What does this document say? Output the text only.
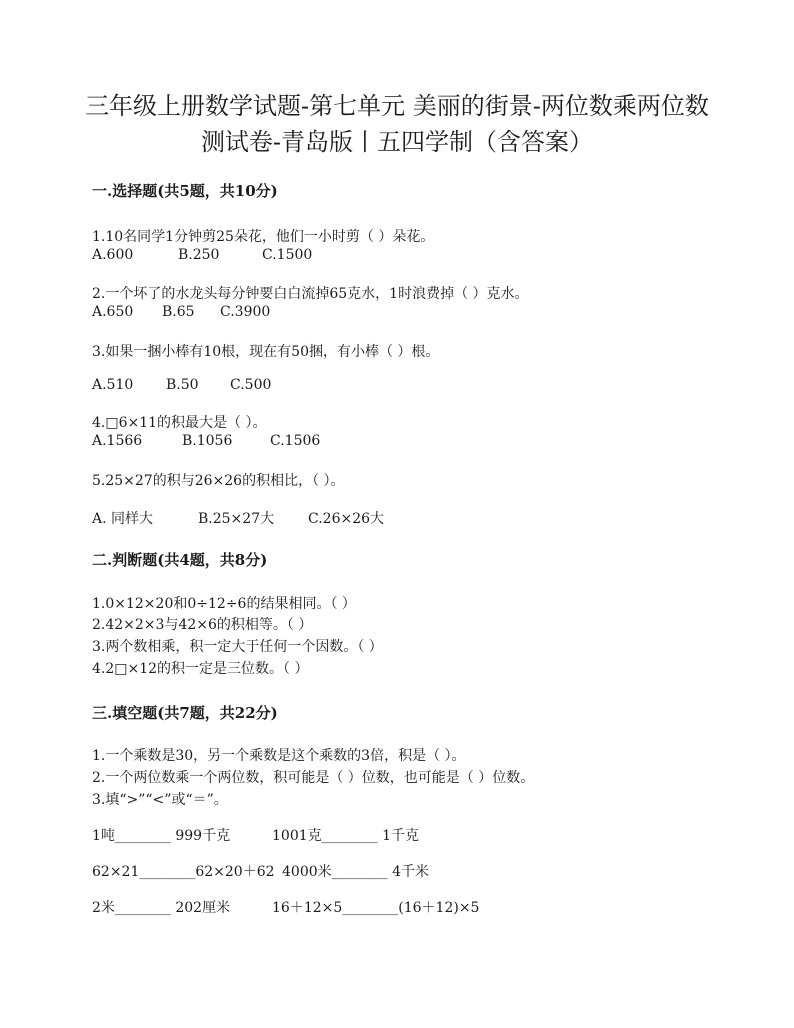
三年级上册数学试题-第七单元 美丽的街景-两位数乘两位数
测试卷-青岛版丨五四学制（含答案）
一.选择题(共5题，共10分)
1.10名同学1分钟剪25朵花，他们一小时剪（ ）朵花。
A.600	B.250	C.1500
2.一个坏了的水龙头每分钟要白白流掉65克水，1时浪费掉（ ）克水。
A.650 B.65 C.3900
3.如果一捆小棒有10根，现在有50捆，有小棒（ ）根。
A.510 B.50 C.500
4.□6×11的积最大是（ ）。
A.1566	B.1056	C.1506
5.25×27的积与26×26的积相比，（ ）。
A. 同样大	B.25×27大 C.26×26大
二.判断题(共4题，共8分)
1.0×12×20和0÷12÷6的结果相同。（ ）
2.42×2×3与42×6的积相等。（ ）
3.两个数相乘，积一定大于任何一个因数。（ ）
4.2□×12的积一定是三位数。（ ）
三.填空题(共7题，共22分)
1.一个乘数是30，另一个乘数是这个乘数的3倍，积是（ ）。
2.一个两位数乘一个两位数，积可能是（ ）位数，也可能是（ ）位数。
3.填“>”“<”或“＝”。
1吨________ 999千克	1001克________ 1千克
62×21________62×20＋62 4000米________ 4千米
2米________ 202厘米	16＋12×5________(16＋12)×5
